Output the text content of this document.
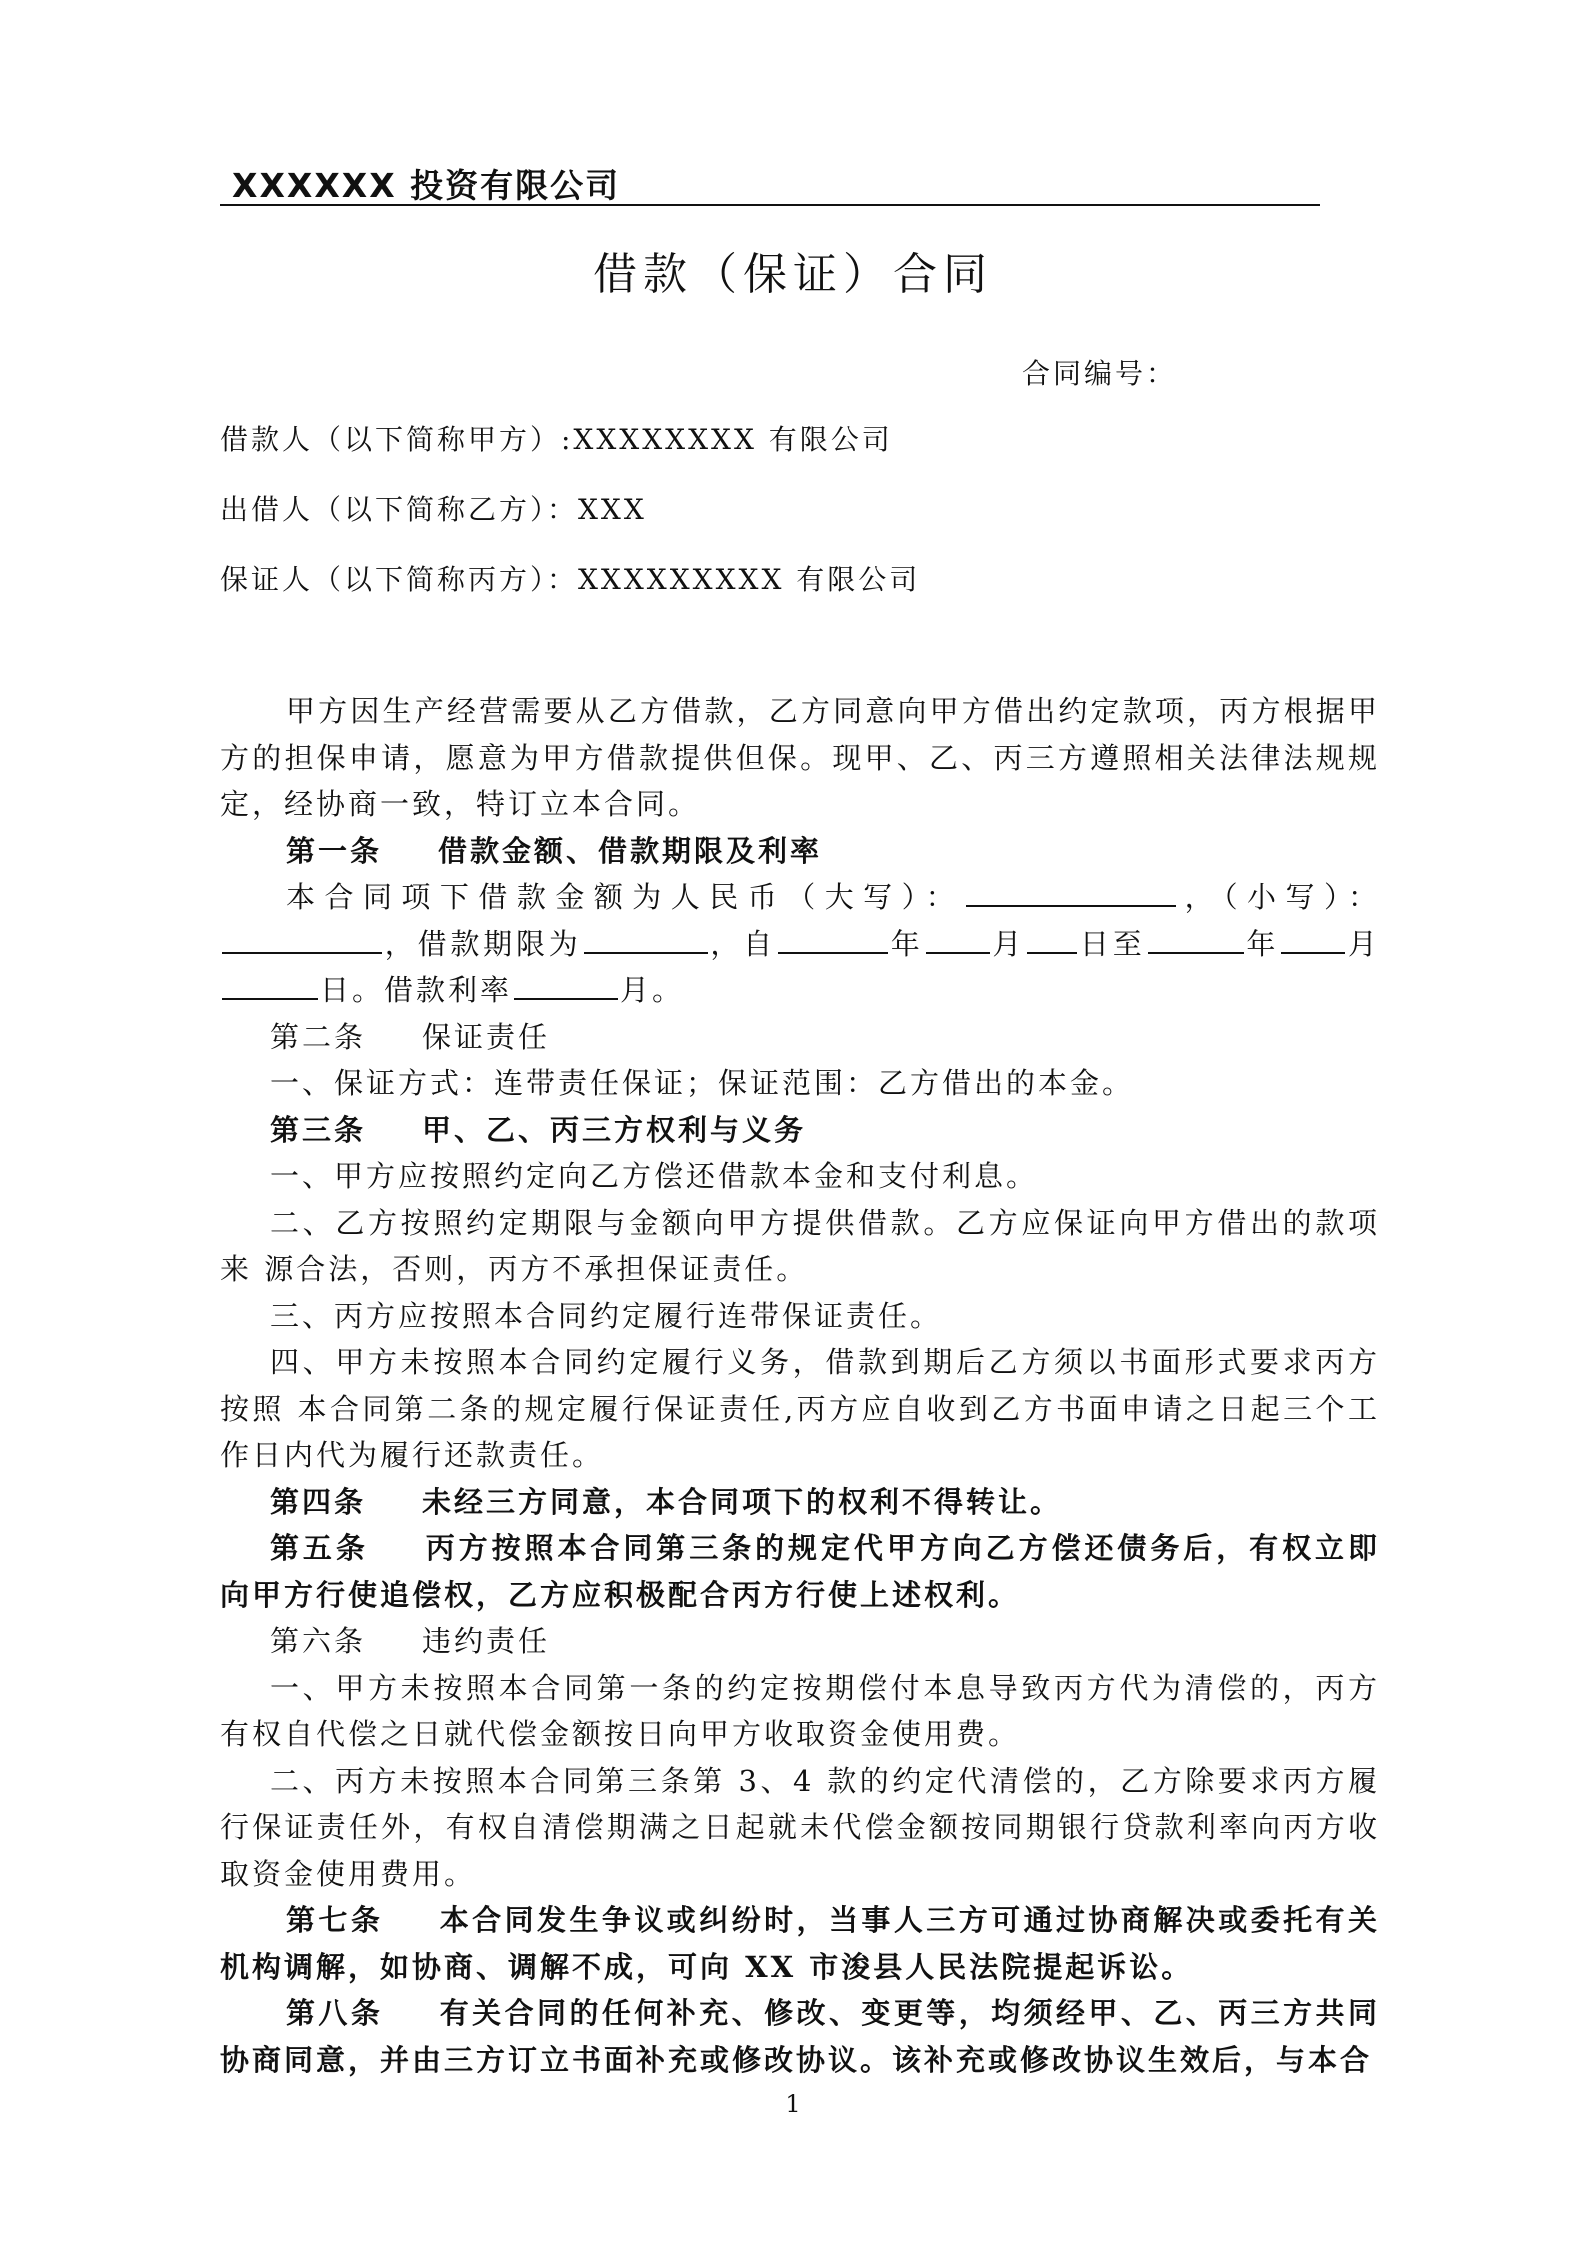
XXXXXX 投资有限公司
借款（保证）合同
合同编号：
借款人（以下简称甲方）:XXXXXXXX 有限公司
出借人（以下简称乙方）：XXX
保证人（以下简称丙方）：XXXXXXXXX 有限公司

甲方因生产经营需要从乙方借款，乙方同意向甲方借出约定款项，丙方根据甲方的担保申请，愿意为甲方借款提供但保。现甲、乙、丙三方遵照相关法律法规规定，经协商一致，特订立本合同。

第一条 借款金额、借款期限及利率

本合同项下借款金额为人民币（大写）：	，（小写）：，借款期限为	，自	年 月 日至	年 月日。借款利率	月。

第二条 保证责任

一、保证方式：连带责任保证；保证范围：乙方借出的本金。

第三条 甲、乙、丙三方权利与义务

一、甲方应按照约定向乙方偿还借款本金和支付利息。

二、乙方按照约定期限与金额向甲方提供借款。乙方应保证向甲方借出的款项来 源合法，否则，丙方不承担保证责任。

三、丙方应按照本合同约定履行连带保证责任。

四、甲方未按照本合同约定履行义务，借款到期后乙方须以书面形式要求丙方按照 本合同第二条的规定履行保证责任,丙方应自收到乙方书面申请之日起三个工作日内代为履行还款责任。

第四条 未经三方同意，本合同项下的权利不得转让。

第五条 丙方按照本合同第三条的规定代甲方向乙方偿还债务后，有权立即向甲方行使追偿权，乙方应积极配合丙方行使上述权利。

第六条 违约责任

一、甲方未按照本合同第一条的约定按期偿付本息导致丙方代为清偿的，丙方有权自代偿之日就代偿金额按日向甲方收取资金使用费。

二、丙方未按照本合同第三条第 3、4 款的约定代清偿的，乙方除要求丙方履行保证责任外，有权自清偿期满之日起就未代偿金额按同期银行贷款利率向丙方收取资金使用费用。

第七条 本合同发生争议或纠纷时，当事人三方可通过协商解决或委托有关机构调解，如协商、调解不成，可向 XX 市浚县人民法院提起诉讼。

第八条 有关合同的任何补充、修改、变更等，均须经甲、乙、丙三方共同协商同意，并由三方订立书面补充或修改协议。该补充或修改协议生效后，与本合

1
